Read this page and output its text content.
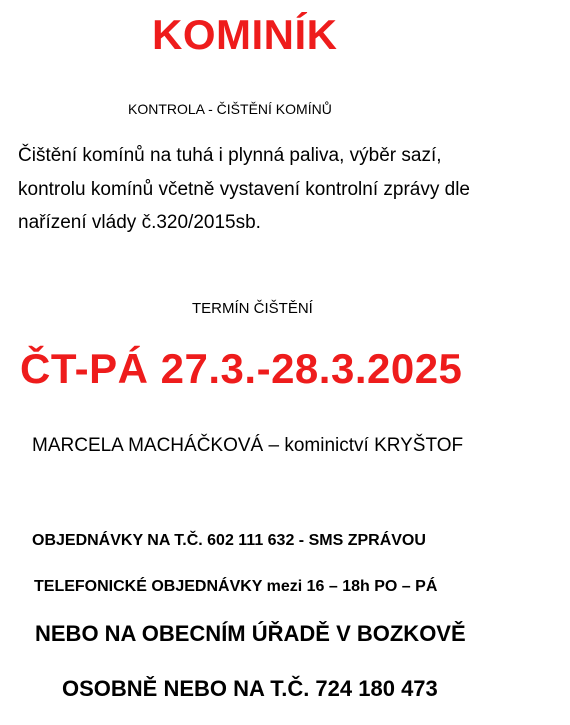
KOMINÍK
KONTROLA - ČIŠTĚNÍ KOMÍNŮ
Čištění komínů na tuhá i plynná paliva, výběr sazí,
kontrolu komínů včetně vystavení kontrolní zprávy dle
nařízení vlády č.320/2015sb.
TERMÍN ČIŠTĚNÍ
ČT-PÁ 27.3.-28.3.2025
MARCELA MACHÁČKOVÁ – kominictví KRYŠTOF
OBJEDNÁVKY NA T.Č. 602 111 632 - SMS ZPRÁVOU
TELEFONICKÉ OBJEDNÁVKY mezi 16 – 18h PO – PÁ
NEBO NA OBECNÍM ÚŘADĚ V BOZKOVĚ
OSOBNĚ NEBO NA T.Č. 724 180 473
